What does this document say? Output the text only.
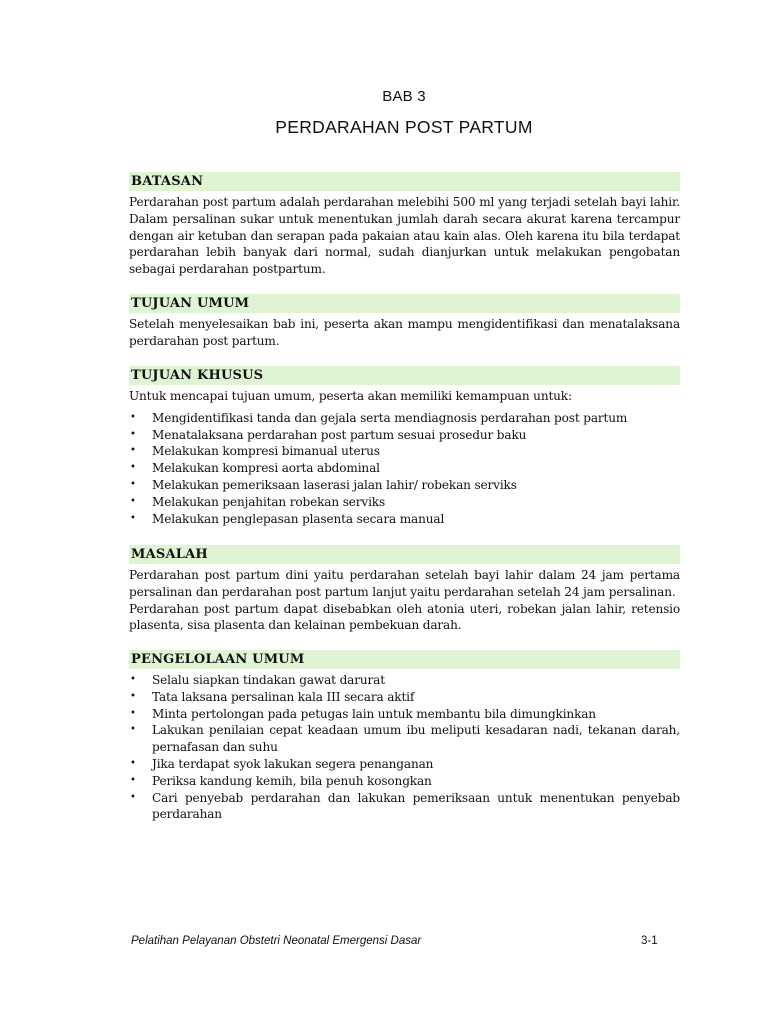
BAB 3
PERDARAHAN POST PARTUM
BATASAN

Perdarahan post partum adalah perdarahan melebihi 500 ml yang terjadi setelah bayi lahir. Dalam persalinan sukar untuk menentukan jumlah darah secara akurat karena tercampur dengan air ketuban dan serapan pada pakaian atau kain alas. Oleh karena itu bila terdapat perdarahan lebih banyak dari normal, sudah dianjurkan untuk melakukan pengobatan sebagai perdarahan postpartum.

TUJUAN UMUM

Setelah menyelesaikan bab ini, peserta akan mampu mengidentifikasi dan menatalaksana perdarahan post partum.

TUJUAN KHUSUS
Untuk mencapai tujuan umum, peserta akan memiliki kemampuan untuk:
• Mengidentifikasi tanda dan gejala serta mendiagnosis perdarahan post partum
• Menatalaksana perdarahan post partum sesuai prosedur baku
• Melakukan kompresi bimanual uterus
• Melakukan kompresi aorta abdominal
• Melakukan pemeriksaan laserasi jalan lahir/ robekan serviks
• Melakukan penjahitan robekan serviks
• Melakukan penglepasan plasenta secara manual
MASALAH

Perdarahan post partum dini yaitu perdarahan setelah bayi lahir dalam 24 jam pertama persalinan dan perdarahan post partum lanjut yaitu perdarahan setelah 24 jam persalinan.

Perdarahan post partum dapat disebabkan oleh atonia uteri, robekan jalan lahir, retensio plasenta, sisa plasenta dan kelainan pembekuan darah.

PENGELOLAAN UMUM
• Selalu siapkan tindakan gawat darurat
• Tata laksana persalinan kala III secara aktif
• Minta pertolongan pada petugas lain untuk membantu bila dimungkinkan
• Lakukan penilaian cepat keadaan umum ibu meliputi kesadaran nadi, tekanan darah, pernafasan dan suhu
• Jika terdapat syok lakukan segera penanganan
• Periksa kandung kemih, bila penuh kosongkan
• Cari penyebab perdarahan dan lakukan pemeriksaan untuk menentukan penyebab perdarahan
Pelatihan Pelayanan Obstetri Neonatal Emergensi Dasar	3-1
